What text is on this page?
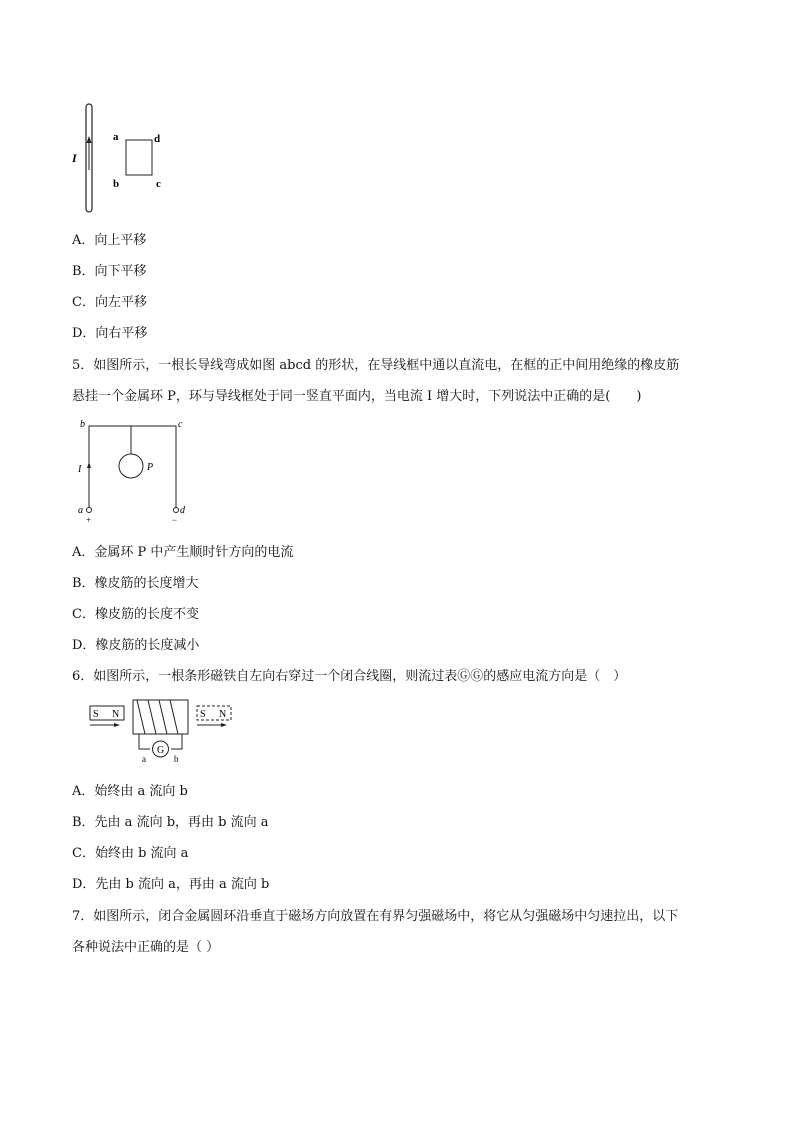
I
a	d
b	c
A．向上平移
B．向下平移
C．向左平移
D．向右平移
5．如图所示，一根长导线弯成如图 abcd 的形状，在导线框中通以直流电，在框的正中间用绝缘的橡皮筋
悬挂一个金属环 P，环与导线框处于同一竖直平面内，当电流 I 增大时，下列说法中正确的是(　　)
P
I
b	c
a	d
+	−
A．金属环 P 中产生顺时针方向的电流
B．橡皮筋的长度增大
C．橡皮筋的长度不变
D．橡皮筋的长度减小
6．如图所示，一根条形磁铁自左向右穿过一个闭合线圈，则流过表ⒼⒼ的感应电流方向是（　）
S N
G
a	b
S N
A．始终由 a 流向 b
B．先由 a 流向 b，再由 b 流向 a
C．始终由 b 流向 a
D．先由 b 流向 a，再由 a 流向 b
7．如图所示，闭合金属圆环沿垂直于磁场方向放置在有界匀强磁场中，将它从匀强磁场中匀速拉出，以下
各种说法中正确的是（ ）
